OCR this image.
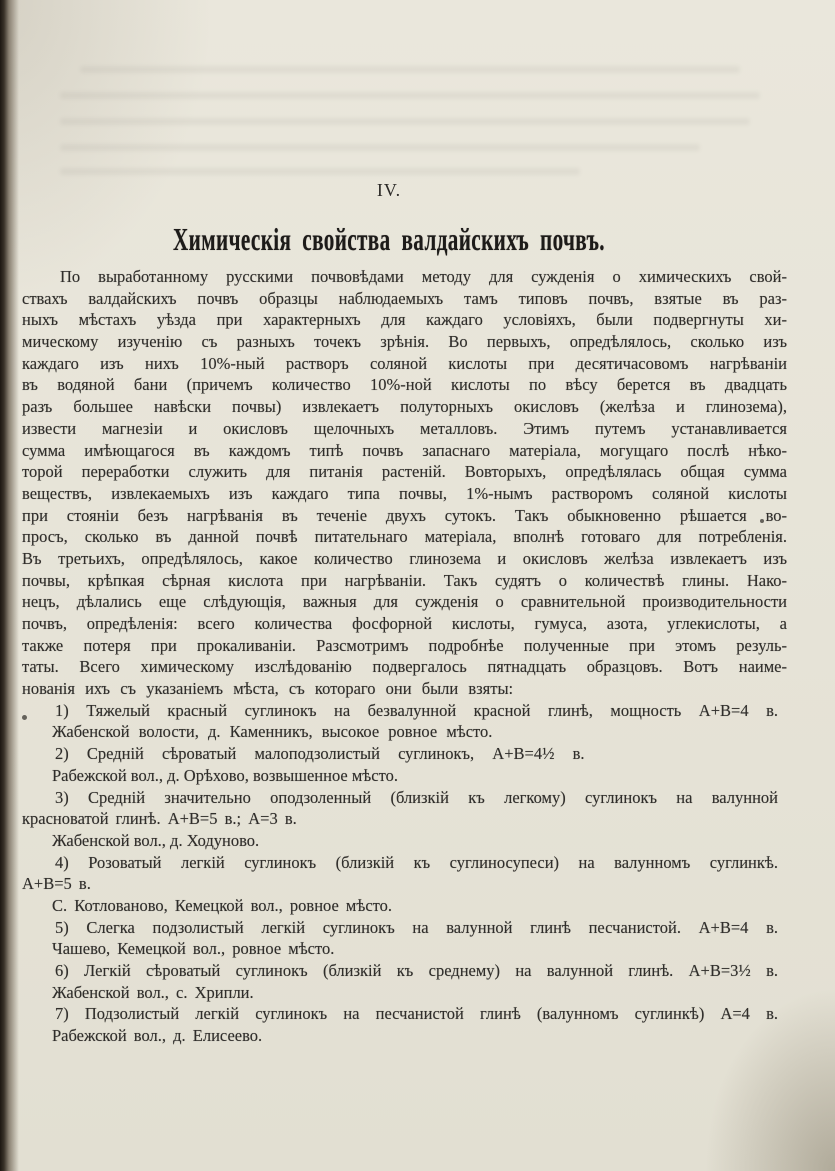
IV.
Химическія свойства валдайскихъ почвъ.
По выработанному русскими почвовѣдами методу для сужденія о химическихъ свой-
ствахъ валдайскихъ почвъ образцы наблюдаемыхъ тамъ типовъ почвъ, взятые въ раз-
ныхъ мѣстахъ уѣзда при характерныхъ для каждаго условіяхъ, были подвергнуты хи-
мическому изученію съ разныхъ точекъ зрѣнія. Во первыхъ, опредѣлялось, сколько изъ
каждаго изъ нихъ 10%-ный растворъ соляной кислоты при десятичасовомъ нагрѣваніи
въ водяной бани (причемъ количество 10%-ной кислоты по вѣсу берется въ двадцать
разъ большее навѣски почвы) извлекаетъ полуторныхъ окисловъ (желѣза и глинозема),
извести магнезіи и окисловъ щелочныхъ металловъ. Этимъ путемъ устанавливается
сумма имѣющагося въ каждомъ типѣ почвъ запаснаго матеріала, могущаго послѣ нѣко-
торой переработки служить для питанія растеній. Вовторыхъ, опредѣлялась общая сумма
веществъ, извлекаемыхъ изъ каждаго типа почвы, 1%-нымъ растворомъ соляной кислоты
при стояніи безъ нагрѣванія въ теченіе двухъ сутокъ. Такъ обыкновенно рѣшается во-
просъ, сколько въ данной почвѣ питательнаго матеріала, вполнѣ готоваго для потребленія.
Въ третьихъ, опредѣлялось, какое количество глинозема и окисловъ желѣза извлекаетъ изъ
почвы, крѣпкая сѣрная кислота при нагрѣваніи. Такъ судятъ о количествѣ глины. Нако-
нецъ, дѣлались еще слѣдующія, важныя для сужденія о сравнительной производительности
почвъ, опредѣленія: всего количества фосфорной кислоты, гумуса, азота, углекислоты, а
также потеря при прокаливаніи. Разсмотримъ подробнѣе полученные при этомъ резуль-
таты. Всего химическому изслѣдованію подвергалось пятнадцать образцовъ. Вотъ наиме-
нованія ихъ съ указаніемъ мѣста, съ котораго они были взяты:
1) Тяжелый красный суглинокъ на безвалунной красной глинѣ, мощность А+В=4 в.
Жабенской волости, д. Каменникъ, высокое ровное мѣсто.
2) Средній сѣроватый малоподзолистый суглинокъ, А+В=4½ в.
Рабежской вол., д. Орѣхово, возвышенное мѣсто.
3) Средній значительно оподзоленный (близкій къ легкому) суглинокъ на валунной
красноватой глинѣ. А+В=5 в.; А=3 в.
Жабенской вол., д. Ходуново.
4) Розоватый легкій суглинокъ (близкій къ суглиносупеси) на валунномъ суглинкѣ.
А+В=5 в.
С. Котлованово, Кемецкой вол., ровное мѣсто.
5) Слегка подзолистый легкій суглинокъ на валунной глинѣ песчанистой. А+В=4 в.
Чашево, Кемецкой вол., ровное мѣсто.
6) Легкій сѣроватый суглинокъ (близкій къ среднему) на валунной глинѣ. А+В=3½ в.
Жабенской вол., с. Хрипли.
7) Подзолистый легкій суглинокъ на песчанистой глинѣ (валунномъ суглинкѣ) А=4 в.
Рабежской вол., д. Елисеево.
